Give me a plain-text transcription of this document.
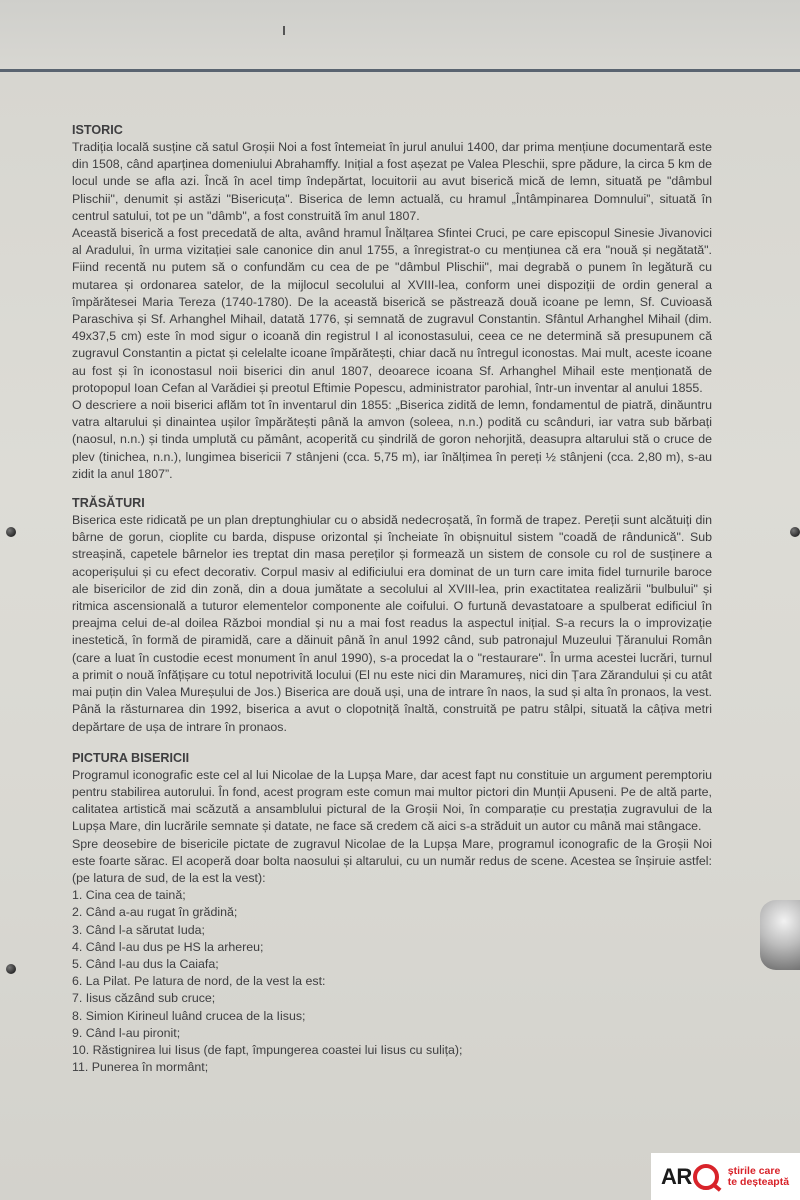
ISTORIC

Tradiția locală susține că satul Groșii Noi a fost întemeiat în jurul anului 1400, dar prima mențiune documentară este din 1508, când aparținea domeniului Abrahamffy. Inițial a fost așezat pe Valea Pleschii, spre pădure, la circa 5 km de locul unde se afla azi. Încă în acel timp îndepărtat, locuitorii au avut biserică mică de lemn, situată pe "dâmbul Plischii", denumit și astăzi "Bisericuța". Biserica de lemn actuală, cu hramul „Întâmpinarea Domnului”, situată în centrul satului, tot pe un "dâmb", a fost construită îm anul 1807.

Această biserică a fost precedată de alta, având hramul Înălțarea Sfintei Cruci, pe care episcopul Sinesie Jivanovici al Aradului, în urma vizitației sale canonice din anul 1755, a înregistrat-o cu mențiunea că era "nouă și negătată". Fiind recentă nu putem să o confundăm cu cea de pe "dâmbul Plischii", mai degrabă o punem în legătură cu mutarea și ordonarea satelor, de la mijlocul secolului al XVIII-lea, conform unei dispoziții de ordin general a împărătesei Maria Tereza (1740-1780). De la această biserică se păstrează două icoane pe lemn, Sf. Cuvioasă Paraschiva și Sf. Arhanghel Mihail, datată 1776, și semnată de zugravul Constantin. Sfântul Arhanghel Mihail (dim. 49x37,5 cm) este în mod sigur o icoană din registrul I al iconostasului, ceea ce ne determină să presupunem că zugravul Constantin a pictat și celelalte icoane împărătești, chiar dacă nu întregul iconostas. Mai mult, aceste icoane au fost și în iconostasul noii biserici din anul 1807, deoarece icoana Sf. Arhanghel Mihail este menționată de protopopul Ioan Cefan al Varădiei și preotul Eftimie Popescu, administrator parohial, într-un inventar al anului 1855.

O descriere a noii biserici aflăm tot în inventarul din 1855: „Biserica zidită de lemn, fondamentul de piatră, dinăuntru vatra altarului și dinaintea ușilor împărătești până la amvon (soleea, n.n.) podită cu scânduri, iar vatra sub bărbați (naosul, n.n.) și tinda umplută cu pământ, acoperită cu șindrilă de goron nehorjită, deasupra altarului stă o cruce de plev (tinichea, n.n.), lungimea bisericii 7 stânjeni (cca. 5,75 m), iar înălțimea în pereți ½ stânjeni (cca. 2,80 m), s-au zidit la anul 1807”.

TRĂSĂTURI

Biserica este ridicată pe un plan dreptunghiular cu o absidă nedecroșată, în formă de trapez. Pereții sunt alcătuiți din bârne de gorun, cioplite cu barda, dispuse orizontal și încheiate în obișnuitul sistem "coadă de rândunică". Sub streașină, capetele bârnelor ies treptat din masa pereților și formează un sistem de console cu rol de susținere a acoperișului și cu efect decorativ. Corpul masiv al edificiului era dominat de un turn care imita fidel turnurile baroce ale bisericilor de zid din zonă, din a doua jumătate a secolului al XVIII-lea, prin exactitatea realizării "bulbului" și ritmica ascensională a tuturor elementelor componente ale coifului. O furtună devastatoare a spulberat edificiul în preajma celui de-al doilea Război mondial și nu a mai fost readus la aspectul inițial. S-a recurs la o improvizație inestetică, în formă de piramidă, care a dăinuit până în anul 1992 când, sub patronajul Muzeului Țăranului Român (care a luat în custodie ecest monument în anul 1990), s-a procedat la o "restaurare". În urma acestei lucrări, turnul a primit o nouă înfățișare cu totul nepotrivită locului (El nu este nici din Maramureș, nici din Țara Zărandului și cu atât mai puțin din Valea Mureșului de Jos.) Biserica are două uși, una de intrare în naos, la sud și alta în pronaos, la vest. Până la răsturnarea din 1992, biserica a avut o clopotniță înaltă, construită pe patru stâlpi, situată la câțiva metri depărtare de ușa de intrare în pronaos.

PICTURA BISERICII

Programul iconografic este cel al lui Nicolae de la Lupșa Mare, dar acest fapt nu constituie un argument peremptoriu pentru stabilirea autorului. În fond, acest program este comun mai multor pictori din Munții Apuseni. Pe de altă parte, calitatea artistică mai scăzută a ansamblului pictural de la Groșii Noi, în comparație cu prestația zugravului de la Lupșa Mare, din lucrările semnate și datate, ne face să credem că aici s-a străduit un autor cu mână mai stângace.

Spre deosebire de bisericile pictate de zugravul Nicolae de la Lupșa Mare, programul iconografic de la Groșii Noi este foarte sărac. El acoperă doar bolta naosului și altarului, cu un număr redus de scene. Acestea se înșiruie astfel: (pe latura de sud, de la est la vest):

1. Cina cea de taină;
2. Când a-au rugat în grădină;
3. Când l-a sărutat Iuda;
4. Când l-au dus pe HS la arhereu;
5. Când l-au dus la Caiafa;
6. La Pilat. Pe latura de nord, de la vest la est:
7. Iisus căzând sub cruce;
8. Simion Kirineul luând crucea de la Iisus;
9. Când l-au pironit;
10. Răstignirea lui Iisus (de fapt, împungerea coastei lui Iisus cu sulița);
11. Punerea în mormânt;
AR	știrile care
te deșteaptă
